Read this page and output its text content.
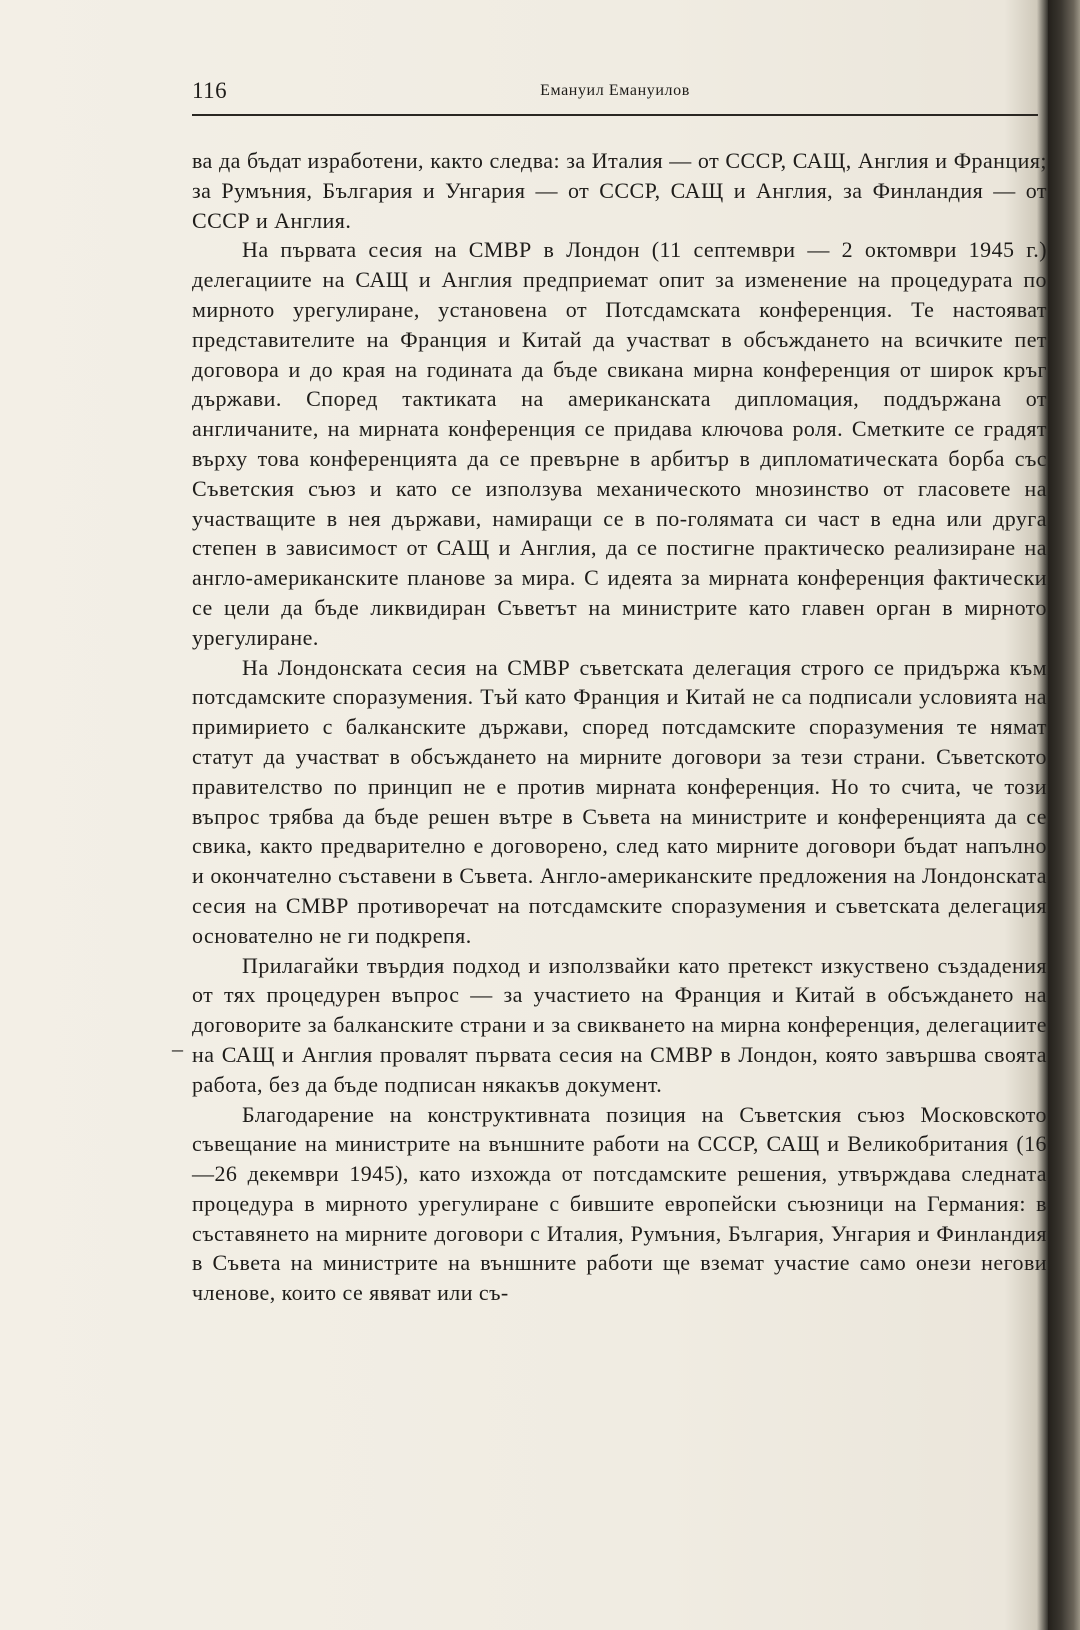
116	Емануил Емануилов
–

ва да бъдат изработени, както следва: за Италия — от СССР, САЩ, Англия и Франция; за Румъния, България и Унгария — от СССР, САЩ и Англия, за Финландия — от СССР и Англия.

На първата сесия на СМВР в Лондон (11 септември — 2 октомври 1945 г.) делегациите на САЩ и Англия предприемат опит за изменение на процедурата по мирното урегулиране, установена от Потсдамската конференция. Те настояват представителите на Франция и Китай да участват в обсъждането на всичките пет договора и до края на годината да бъде свикана мирна конференция от широк кръг държави. Според тактиката на американската дипломация, поддържана от англичаните, на мирната конференция се придава ключова роля. Сметките се градят върху това конференцията да се превърне в арбитър в дипломатическата борба със Съветския съюз и като се използува механическото мнозинство от гласовете на участващите в нея държави, намиращи се в по-голямата си част в една или друга степен в зависимост от САЩ и Англия, да се постигне практическо реализиране на англо-американските планове за мира. С идеята за мирната конференция фактически се цели да бъде ликвидиран Съветът на министрите като главен орган в мирното урегулиране.

На Лондонската сесия на СМВР съветската делегация строго се придържа към потсдамските споразумения. Тъй като Франция и Китай не са подписали условията на примирието с балканските държави, според потсдамските споразумения те нямат статут да участват в обсъждането на мирните договори за тези страни. Съветското правителство по принцип не е против мирната конференция. Но то счита, че този въпрос трябва да бъде решен вътре в Съвета на министрите и конференцията да се свика, както предварително е договорено, след като мирните договори бъдат напълно и окончателно съставени в Съвета. Англо-американските предложения на Лондонската сесия на СМВР противоречат на потсдамските споразумения и съветската делегация основателно не ги подкрепя.

Прилагайки твърдия подход и използвайки като претекст изкуствено създадения от тях процедурен въпрос — за участието на Франция и Китай в обсъждането на договорите за балканските страни и за свикването на мирна конференция, делегациите на САЩ и Англия провалят първата сесия на СМВР в Лондон, която завършва своята работа, без да бъде подписан някакъв документ.

Благодарение на конструктивната позиция на Съветския съюз Московското съвещание на министрите на външните работи на СССР, САЩ и Великобритания (16—26 декември 1945), като изхождa от потсдамските решения, утвърждава следната процедура в мирното урегулиране с бившите европейски съюзници на Германия: в съставянето на мирните договори с Италия, Румъния, България, Унгария и Финландия в Съвета на министрите на външните работи ще вземат участие само онези негови членове, които се явяват или съ-
